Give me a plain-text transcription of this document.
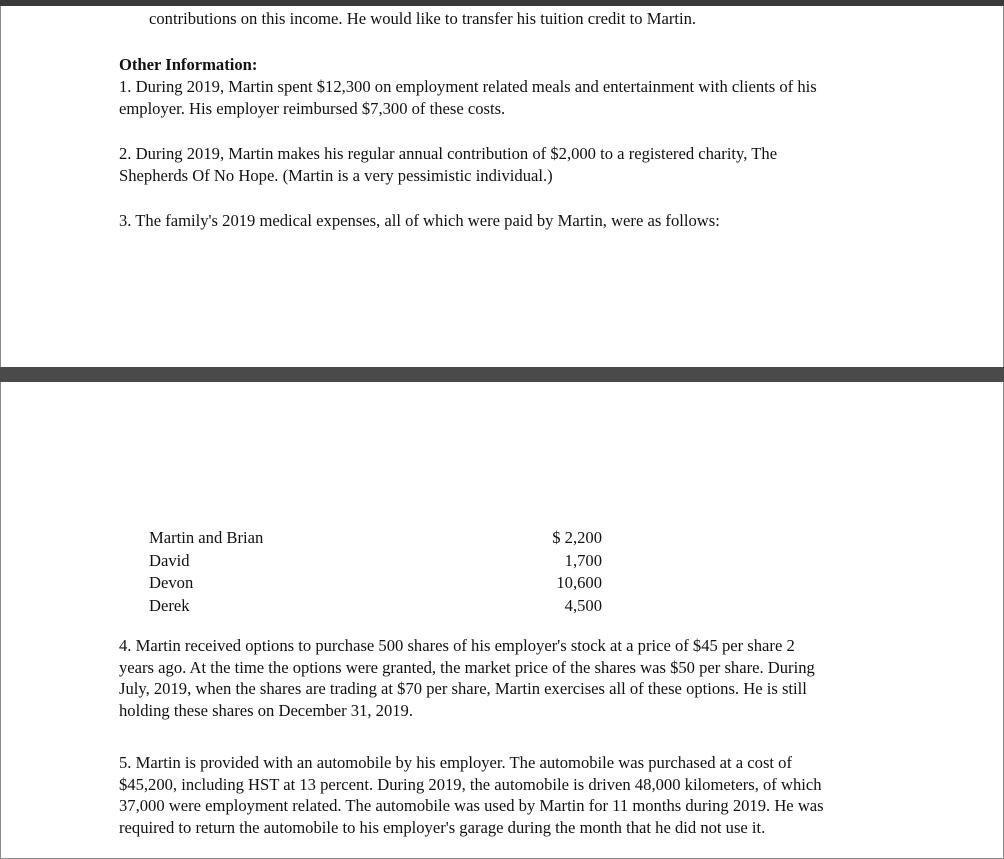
contributions on this income. He would like to transfer his tuition credit to Martin.

Other Information:

1. During 2019, Martin spent $12,300 on employment related meals and entertainment with clients of his
employer. His employer reimbursed $7,300 of these costs.

2. During 2019, Martin makes his regular annual contribution of $2,000 to a registered charity, The
Shepherds Of No Hope. (Martin is a very pessimistic individual.)

3. The family's 2019 medical expenses, all of which were paid by Martin, were as follows:

Martin and Brian	$ 2,200
David	1,700
Devon	10,600
Derek	4,500

4. Martin received options to purchase 500 shares of his employer's stock at a price of $45 per share 2
years ago. At the time the options were granted, the market price of the shares was $50 per share. During
July, 2019, when the shares are trading at $70 per share, Martin exercises all of these options. He is still
holding these shares on December 31, 2019.

5. Martin is provided with an automobile by his employer. The automobile was purchased at a cost of
$45,200, including HST at 13 percent. During 2019, the automobile is driven 48,000 kilometers, of which
37,000 were employment related. The automobile was used by Martin for 11 months during 2019. He was
required to return the automobile to his employer's garage during the month that he did not use it.
